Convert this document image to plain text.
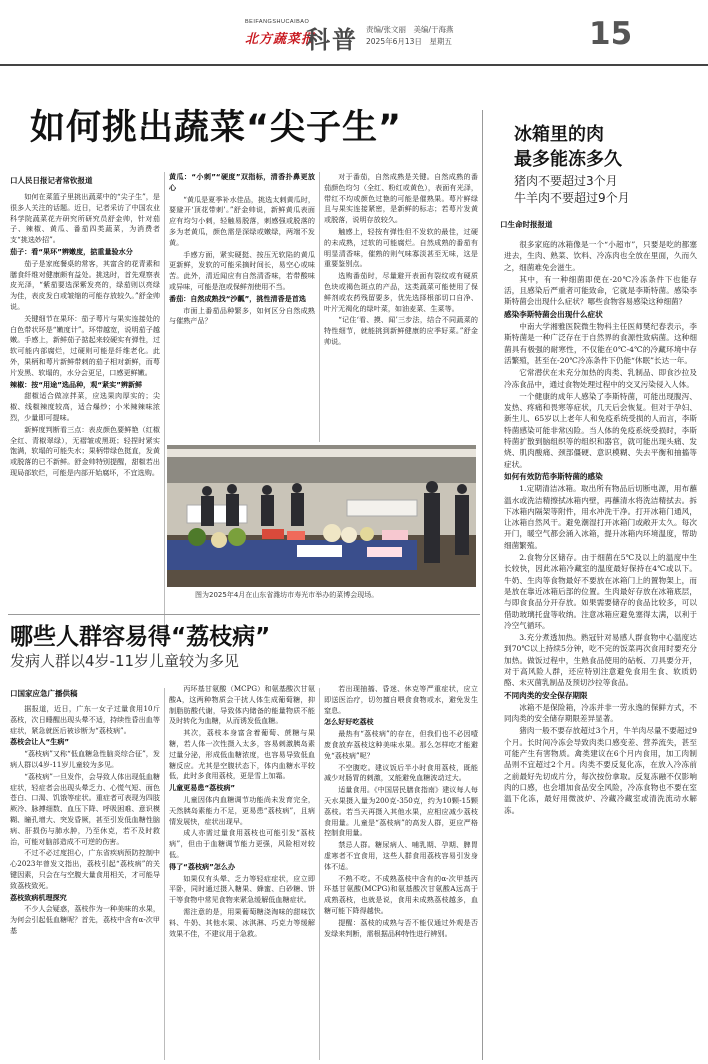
BEIFANGSHUCAIBAO
北方蔬菜报
科普 责编/张文丽　美编/于海燕
2025年6月13日　星期五	15
如何挑出蔬菜“尖子生”
口人民日报记者常钦报道

如何在菜篮子里挑出蔬菜中的“尖子生”，是很多人关注的话题。近日，记者采访了中国农业科学院蔬菜花卉研究所研究员舒金帅，针对茄子、辣椒、黄瓜、番茄四类蔬菜，为消费者支“挑选妙招”。

茄子：看“果环”辨嫩度，掂重量验水分

茄子是家庭餐桌的常客，其富含的花青素和膳食纤维对健康颇有益处。挑选时，首先观察表皮光泽，“紫茄要选深紫发亮的，绿茄则以亮绿为佳，表皮发白或皱缩的可能存放较久。”舒金帅说。

关键细节在果环：茄子萼片与果实连接处的白色带状环是“嫩度计”。环带越宽，说明茄子越嫩。手感上，新鲜茄子掂起来较硬实有弹性，过软可能内部腐烂，过硬则可能是纤维老化。此外，果柄和萼片新鲜带刺的茄子相对新鲜，而萼片发黑、软塌的，水分会更足，口感更鲜嫩。

辣椒：按“用途”选品种，观“紧实”辨新鲜

甜椒适合做凉拌菜，应选果肉厚实的；尖椒、线椒辣度较高，适合爆炒；小米辣辣味浓烈，少量即可提味。

新鲜度判断看三点：表皮颜色要鲜艳（红椒全红、青椒翠绿），无褶皱或黑斑；轻捏时紧实饱满，软塌的可能失水；果柄带绿色挺直，发黄或脱落的已不新鲜。舒金帅特别提醒，甜椒若出现局部软烂，可能是内部开始腐坏，不宜选购。

黄瓜：“小刺”“硬度”双指标，清香扑鼻更放心

“黄瓜是夏季补水佳品，挑选太刺黄瓜时，要避开‘顶花带刺’。”舒金帅说，新鲜黄瓜表面应有均匀小刺，轻触易脱落，刺感强或脱落的多为老黄瓜，颜色需是深绿或嫩绿，两端不发黄。

手感方面，紧实硬挺、按压无软陷的黄瓜更新鲜，发软的可能采摘时间长，易空心或味苦。此外，清近闻应有自然清香味，若带酸味或异味，可能是泡或保鲜剂使用不当。

番茄：自然成熟找“沙瓤”，挑性清香是首选

市面上番茄品种繁多，如何区分自然成熟与催熟产品？

对于番茄，自然成熟是关键。自然成熟的番茄颜色均匀（全红、粉红或黄色），表面有光泽，带红不均或颜色过艳的可能是催熟果。萼片鲜绿且与果实连接紧密，是新鲜的标志；若萼片发黄或脱落，说明存放较久。

触感上，轻按有弹性但不发软的最佳，过硬的未成熟，过软的可能腐烂。自然成熟的番茄有明显清香味，催熟的则气味寡淡甚至无味，这是重要鉴别点。

选购番茄时，尽量避开表面有裂纹或有硬质色块或褐色斑点的产品，这类蔬菜可能使用了保鲜剂或农药残留要多，优先选择根部切口自净、叶片无褐化的绿叶菜，如油麦菜、生菜等。

“记住‘看、摸、闻’三步法，结合不同蔬菜的特性细节，就能挑到新鲜健康的应季好菜。”舒金帅说。

图为2025年4月在山东省潍坊市寿光市举办的菜博会现场。
冰箱里的肉
最多能冻多久
猪肉不要超过3个月
牛羊肉不要超过9个月
口生命时报报道

很多家庭的冰箱像是一个“小超市”，只要是吃的都塞进去，生肉、熟菜、饮料、冷冻肉也全放在里面，久而久之，细菌难免会滋生。

其中，有一种细菌即使在-20℃冷冻条件下也能存活，且感染后严重者可能致命，它就是李斯特菌。感染李斯特菌会出现什么症状？哪些食物容易感染这种细菌？

感染李斯特菌会出现什么症状

中南大学湘雅医院微生物科主任医师樊纪春表示，李斯特菌是一种广泛存在于自然界的食源性致病菌。这种细菌具有极强的耐寒性，不仅能在0℃-4℃的冷藏环境中存活繁殖，甚至在-20℃冷冻条件下仍能“休眠”长达一年。

它常潜伏在未充分加热的肉类、乳制品、即食沙拉及冷冻食品中，通过食物处理过程中的交叉污染侵入人体。

一个健康的成年人感染了李斯特菌，可能出现腹泻、发热、疼痛和畏寒等症状，几天后会恢复。但对于孕妇、新生儿、65岁以上老年人和免疫系统受损的人而言，李斯特菌感染可能非常凶险。当人体的免疫系统受损时，李斯特菌扩散到脑组织等的组织和器官，就可能出现头痛、发烧、肌肉酸痛、颈部僵硬、意识模糊、失去平衡和抽搐等症状。

如何有效防范李斯特菌的感染

1.定期清洁冰箱。取出所有物品后切断电源，用布蘸温水或洗洁精擦拭冰箱内壁，再蘸清水将洗洁精拭去。拆下冰箱内隔架等附件，用水冲洗干净。打开冰箱门通风，让冰箱自然风干。避免潮湿打开冰箱门或敞开太久。每次开门，暖空气都会涌入冰箱，提升冰箱内环境温度，帮助细菌繁殖。

2.食物分区储存。由于细菌在5℃及以上的温度中生长较快，因此冰箱冷藏室的温度最好保持在4℃或以下。牛奶、生肉等食物最好不要放在冰箱门上的置物架上，而是放在靠近冰箱后部的位置。生肉最好存放在冰箱底层，与即食食品分开存放。如果需要储存的食品比较多，可以借助玻璃托盘等收纳。注意冰箱应避免塞得太满，以利于冷空气循环。

3.充分煮透加热。熟冠针对易感人群食物中心温度达到70℃以上持续5分钟，吃不完的饭菜再次食用时要充分加热。做饭过程中，生熟食品使用的砧板、刀具要分开，对于高风险人群，还应特别注意避免食用生食、软质奶酪、未灭菌乳制品及预切沙拉等食品。

不同肉类的安全保存期限

冰箱不是保险箱，冷冻并非一劳永逸的保鲜方式，不同肉类的安全储存期限差异显著。

猪肉一般不要存放超过3个月，牛羊肉尽量不要超过9个月。长时间冷冻会导致肉类口感变差、营养流失，甚至可能产生有害物质。禽类建议在6个月内食用，加工肉制品则不宜超过2个月。肉类不要反复化冻，在放入冷冻前之前最好先切成片分，每次按份拿取。反复冻融不仅影响肉的口感，也会增加食品安全风险，冷冻食物也不要在室温下化冻，最好用微波炉、冷藏冷藏室或清洗流动水解冻。

哪些人群容易得“荔枝病”
发病人群以4岁-11岁儿童较为多见
口国家应急广播供稿

据报道，近日，广东一女子过量食用10斤荔枝，次日睡醒出现头晕不适，持续性昏出血等症状，紧急就医后被诊断为“荔枝病”。

荔枝会让人“生病”

“荔枝病”又称“低血糖急性脑炎综合征”，发病人群以4岁-11岁儿童较为多见。

“荔枝病”一旦发作，会导致人体出现低血糖症状，轻症者会出现头晕乏力、心慌气短、面色苍白、口渴、饥饿等症状。重症者可表现为四肢厥冷、脉搏细数、血压下降、呼吸困难、意识模糊、瞳孔增大、突发昏厥，甚至引发低血糖性脑病、肝损伤与肺水肿，乃至休克，若不及时救治，可能对脑部造成不可逆的伤害。

不过不必过度担心，广东省疾病预防控制中心2023年曾发文指出，荔枝引起“荔枝病”的关键因素，只会在与空腹大量食用相关，才可能导致荔枝致死。

荔枝致病机理探究

不少人会疑惑，荔枝作为一种美味的水果，为何会引起低血糖呢？首先，荔枝中含有α-次甲基

丙环基甘氨酸（MCPG）和氨基酸次甘氨酸A，这两种物质会干扰人体生成葡萄糖，抑制脂肪酸代谢，导致体内储备的能量物质不能及时转化为血糖，从而诱发低血糖。

其次，荔枝本身富含着葡萄、蔗糖与果糖，若人体一次性摄入太多，容易刺激胰岛素过量分泌，形成低血糖浓度，也容易导致低血糖反应。尤其是空腹状态下，体内血糖水平较低，此时多食用荔枝，更是雪上加霜。

儿童更易患“荔枝病”

儿童因体内血糖调节功能尚未发育完全，天然胰岛素能力不足，更易患“荔枝病”，且病情发展快，症状出现早。

成人亦需过量食用荔枝也可能引发“荔枝病”，但由于血糖调节能力更强，风险相对较低。

得了“荔枝病”怎么办

如果仅有头晕、乏力等轻症症状，应立即平卧，同时通过摄入糖果、蜂蜜、白砂糖、饼干等食物中常见食物来紧急缓解低血糖症状。

需注意的是，用果葡萄糖浇淘味的甜味饮料、牛奶、其他水果、冰淇淋、巧克力等缓解效果不佳，不建议用于急救。

若出现抽搐、昏迷、休克等严重症状，应立即送医治疗，切勿擅自喂食食物或水，避免发生窒息。

怎么好好吃荔枝

最热有“荔枝病”的存在，但我们也不必因噎废食放弃荔枝这种美味水果。那么怎样吃才能避免“荔枝病”呢？

不空腹吃。建议饭后半小时食用荔枝，既能减少对肠胃的刺激，又能避免血糖波动过大。

适量食用。《中国居民膳食指南》建议每人每天水果摄入量为200克-350克，约为10颗-15颗荔枝。若当天再摄入其他水果，应相应减少荔枝食用量。儿童是“荔枝病”的高发人群，更应严格控制食用量。

禁忌人群。糖尿病人、哺乳期、孕期、脾胃虚寒者不宜食用，这些人群食用荔枝容易引发身体不适。

不熟不吃。不成熟荔枝中含有的α-次甲基丙环基甘氨酸(MCPG)和氨基酸次甘氨酸A远高于成熟荔枝，也就是说，食用未成熟荔枝越多，血糖可能下降得越快。

提醒：荔枝的成熟与否不能仅通过外观是否发绿来判断，需根据品种特性进行辨别。
